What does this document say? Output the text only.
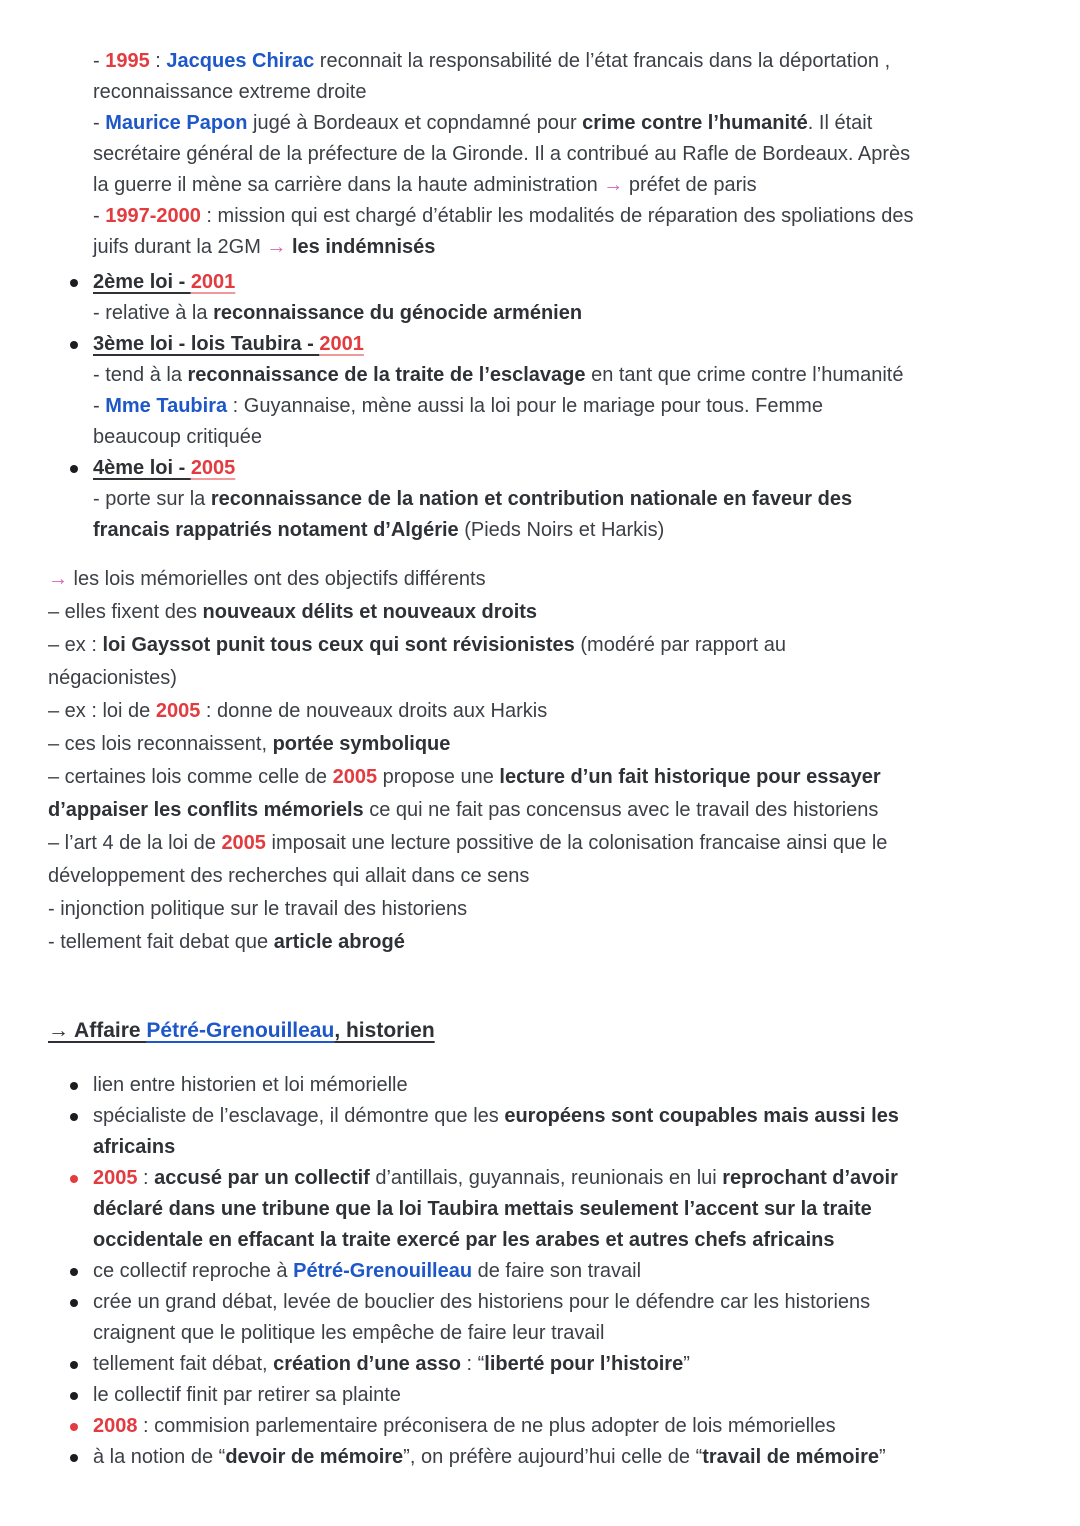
- 1995 : Jacques Chirac reconnait la responsabilité de l’état francais dans la déportation ,
reconnaissance extreme droite
- Maurice Papon jugé à Bordeaux et copndamné pour crime contre l’humanité. Il était
secrétaire général de la préfecture de la Gironde. Il a contribué au Rafle de Bordeaux. Après
la guerre il mène sa carrière dans la haute administration → préfet de paris
- 1997-2000 : mission qui est chargé d’établir les modalités de réparation des spoliations des
juifs durant la 2GM → les indémnisés
2ème loi - 2001
- relative à la reconnaissance du génocide arménien
3ème loi - lois Taubira - 2001
- tend à la reconnaissance de la traite de l’esclavage en tant que crime contre l’humanité
- Mme Taubira : Guyannaise, mène aussi la loi pour le mariage pour tous. Femme
beaucoup critiquée
4ème loi - 2005
- porte sur la reconnaissance de la nation et contribution nationale en faveur des
francais rappatriés notament d’Algérie (Pieds Noirs et Harkis)
→ les lois mémorielles ont des objectifs différents
– elles fixent des nouveaux délits et nouveaux droits
– ex : loi Gayssot punit tous ceux qui sont révisionistes (modéré par rapport au
négacionistes)
– ex : loi de 2005 : donne de nouveaux droits aux Harkis
– ces lois reconnaissent, portée symbolique
– certaines lois comme celle de 2005 propose une lecture d’un fait historique pour essayer
d’appaiser les conflits mémoriels ce qui ne fait pas concensus avec le travail des historiens
– l’art 4 de la loi de 2005 imposait une lecture possitive de la colonisation francaise ainsi que le
développement des recherches qui allait dans ce sens
- injonction politique sur le travail des historiens
- tellement fait debat que article abrogé
→ Affaire Pétré-Grenouilleau, historien
lien entre historien et loi mémorielle
spécialiste de l’esclavage, il démontre que les européens sont coupables mais aussi les
africains
2005 : accusé par un collectif d’antillais, guyannais, reunionais en lui reprochant d’avoir
déclaré dans une tribune que la loi Taubira mettais seulement l’accent sur la traite
occidentale en effacant la traite exercé par les arabes et autres chefs africains
ce collectif reproche à Pétré-Grenouilleau de faire son travail
crée un grand débat, levée de bouclier des historiens pour le défendre car les historiens
craignent que le politique les empêche de faire leur travail
tellement fait débat, création d’une asso : “liberté pour l’histoire”
le collectif finit par retirer sa plainte
2008 : commision parlementaire préconisera de ne plus adopter de lois mémorielles
à la notion de “devoir de mémoire”, on préfère aujourd’hui celle de “travail de mémoire”
